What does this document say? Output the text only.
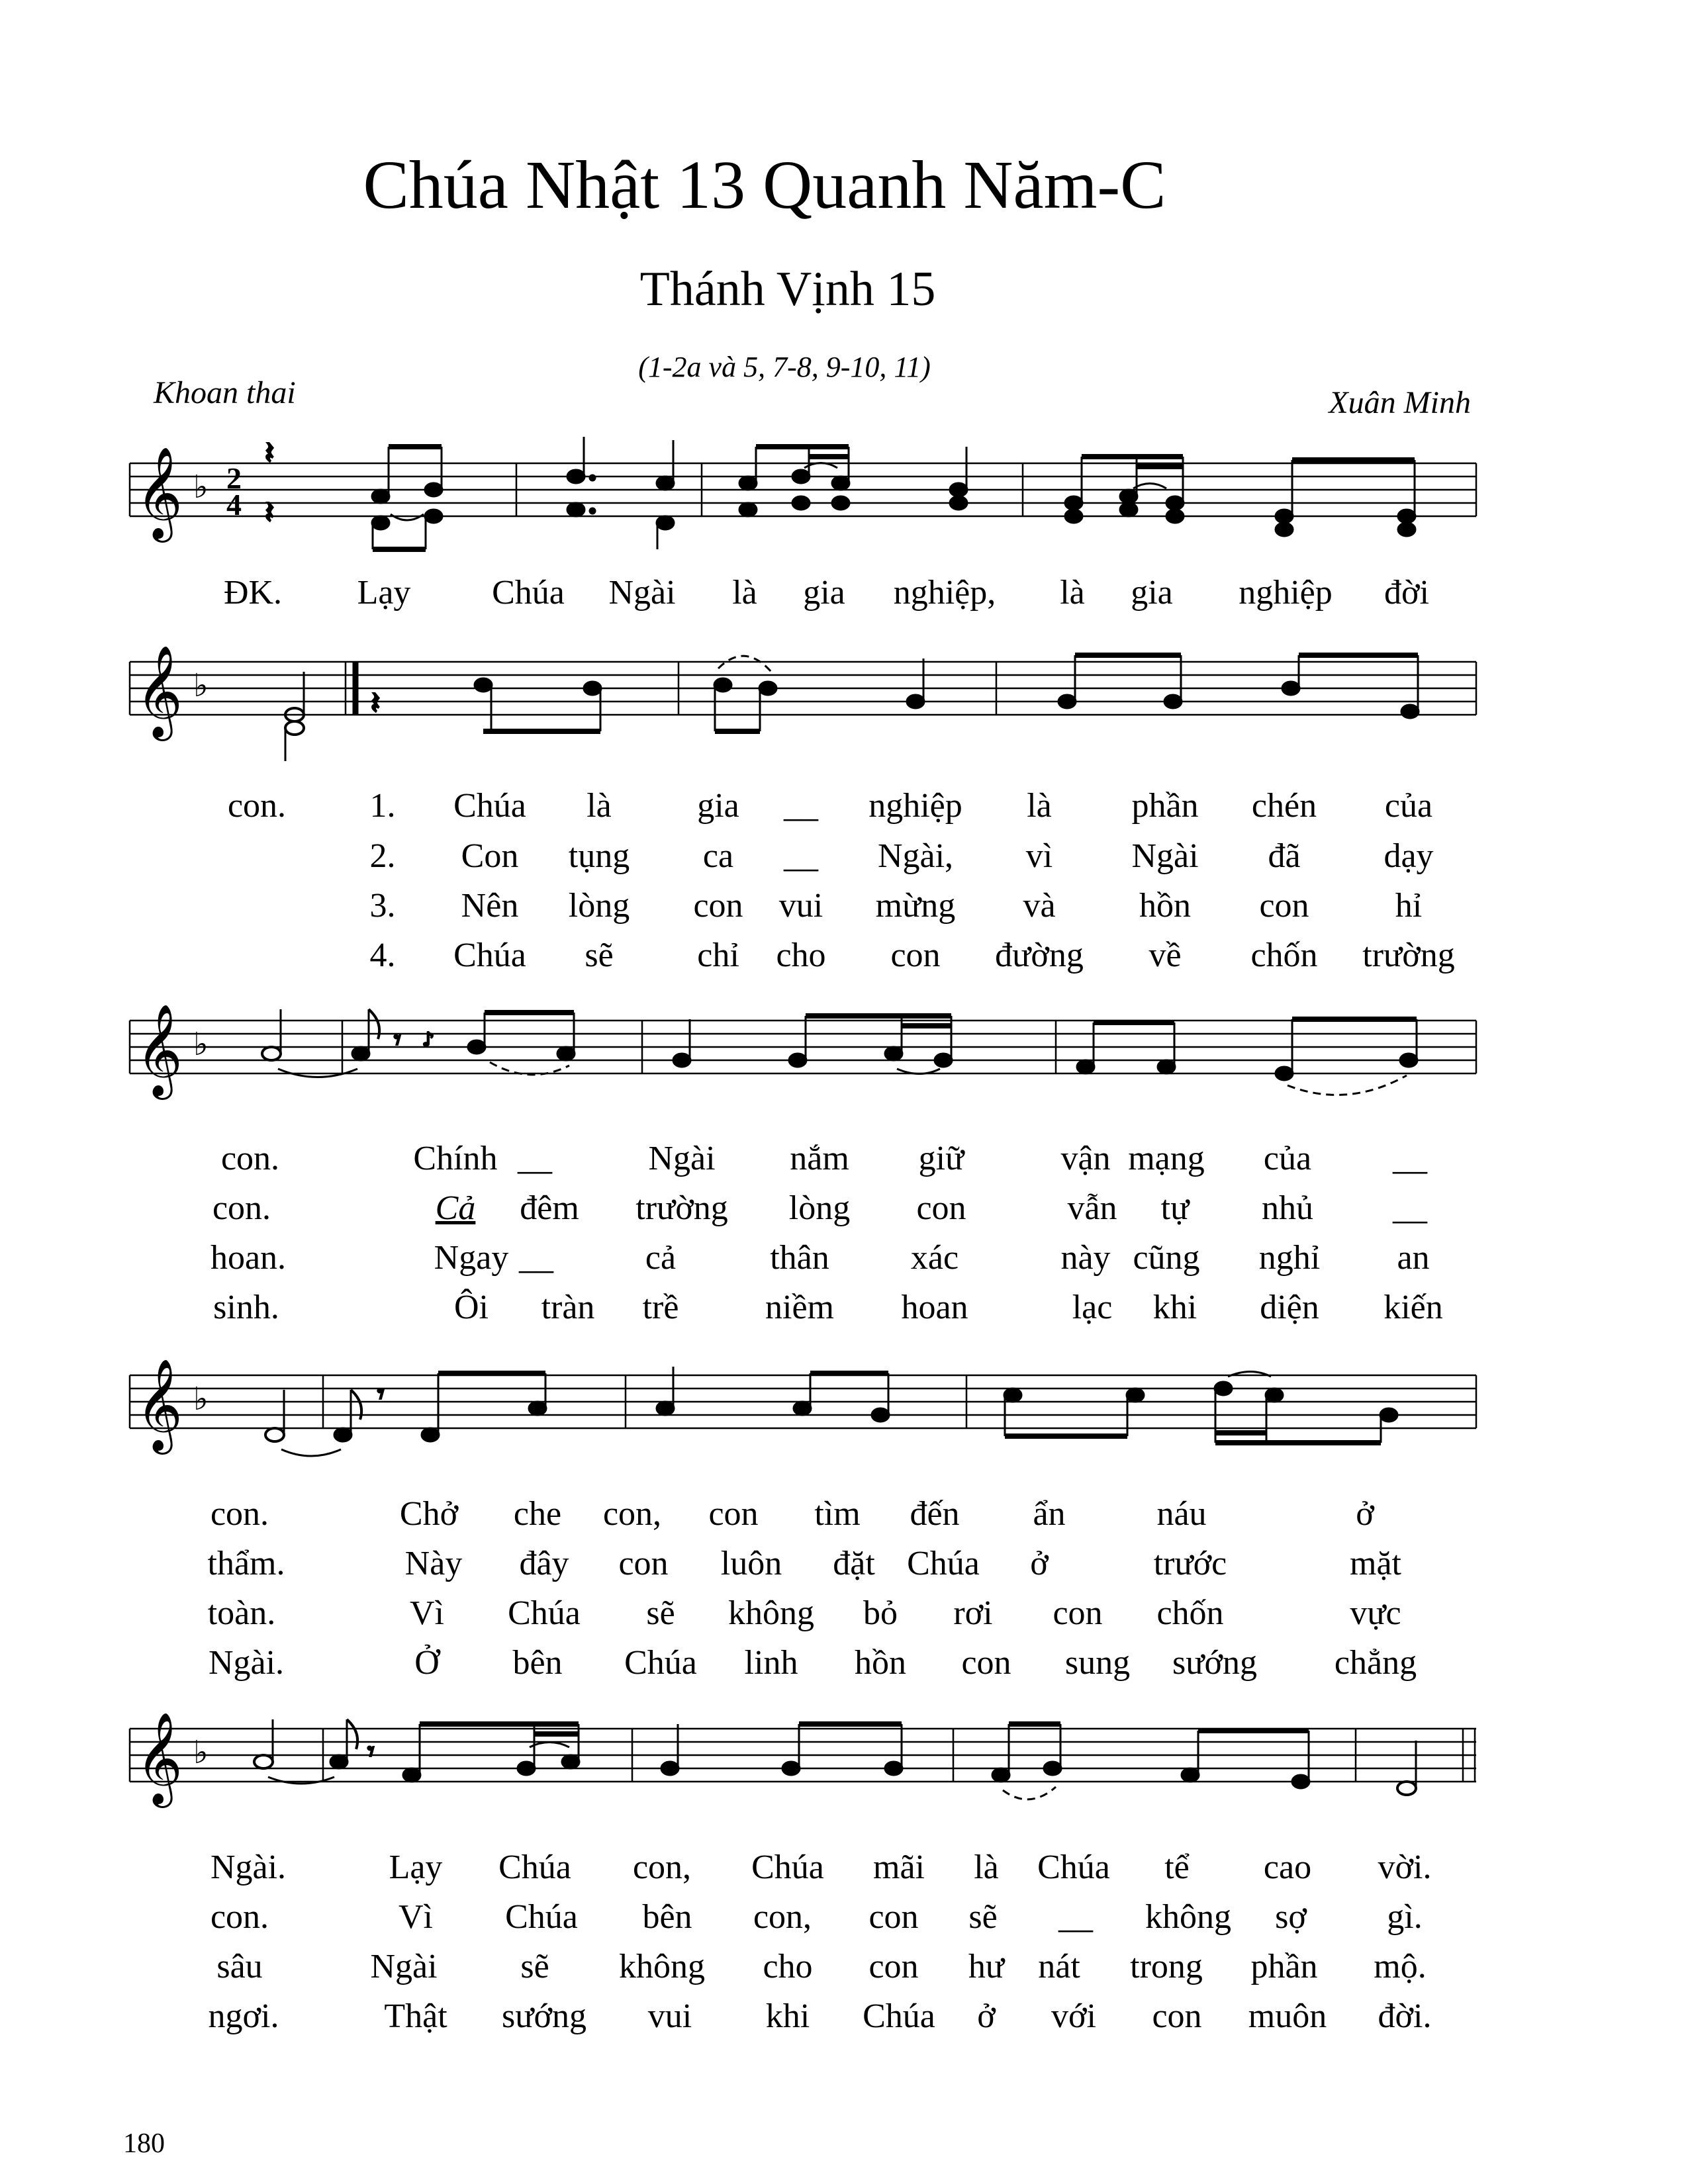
Chúa Nhật 13 Quanh Năm-C
Thánh Vịnh 15
(1-2a và 5, 7-8, 9-10, 11)
Khoan thai	Xuân Minh
𝄞 ♭ 2
4
𝄽
𝄽
ĐK. Lạy Chúa Ngài là gia nghiệp, là gia nghiệp đời
𝄞 ♭	𝄽
con. 1. Chúa là gia __ nghiệp là phần chén của
2. Con tụng ca __ Ngài, vì Ngài đã dạy
3. Nên lòng con vui mừng và hồn con	hỉ
4. Chúa sẽ chỉ cho con đường về chốn trường
𝄞 ♭	𝄾 ♪
con.	Chính __	Ngài nắm giữ	vận mạng của __
con.	Cả đêm trường lòng con	vẫn tự nhủ __
hoan.	Ngay __	cả	thân xác	này cũng nghỉ an
sinh.	Ôi tràn trề	niềm hoan	lạc khi diện kiến
𝄞 ♭	𝄾
con.	Chở che con, con tìm đến ẩn	náu	ở
thẩm.	Này đây con luôn đặt Chúa ở	trước	mặt
toàn.	Vì Chúa sẽ không bỏ rơi con chốn	vực
Ngài.	Ở bên Chúa linh hồn con sung sướng chẳng
𝄞 ♭	𝄾
Ngài.	Lạy Chúa con, Chúa mãi là Chúa tể cao vời.
con.	Vì Chúa bên con, con sẽ __ không sợ gì.
sâu	Ngài sẽ không cho con hư nát trong phần mộ.
ngơi.	Thật sướng vui khi Chúa ở với con muôn đời.
180
